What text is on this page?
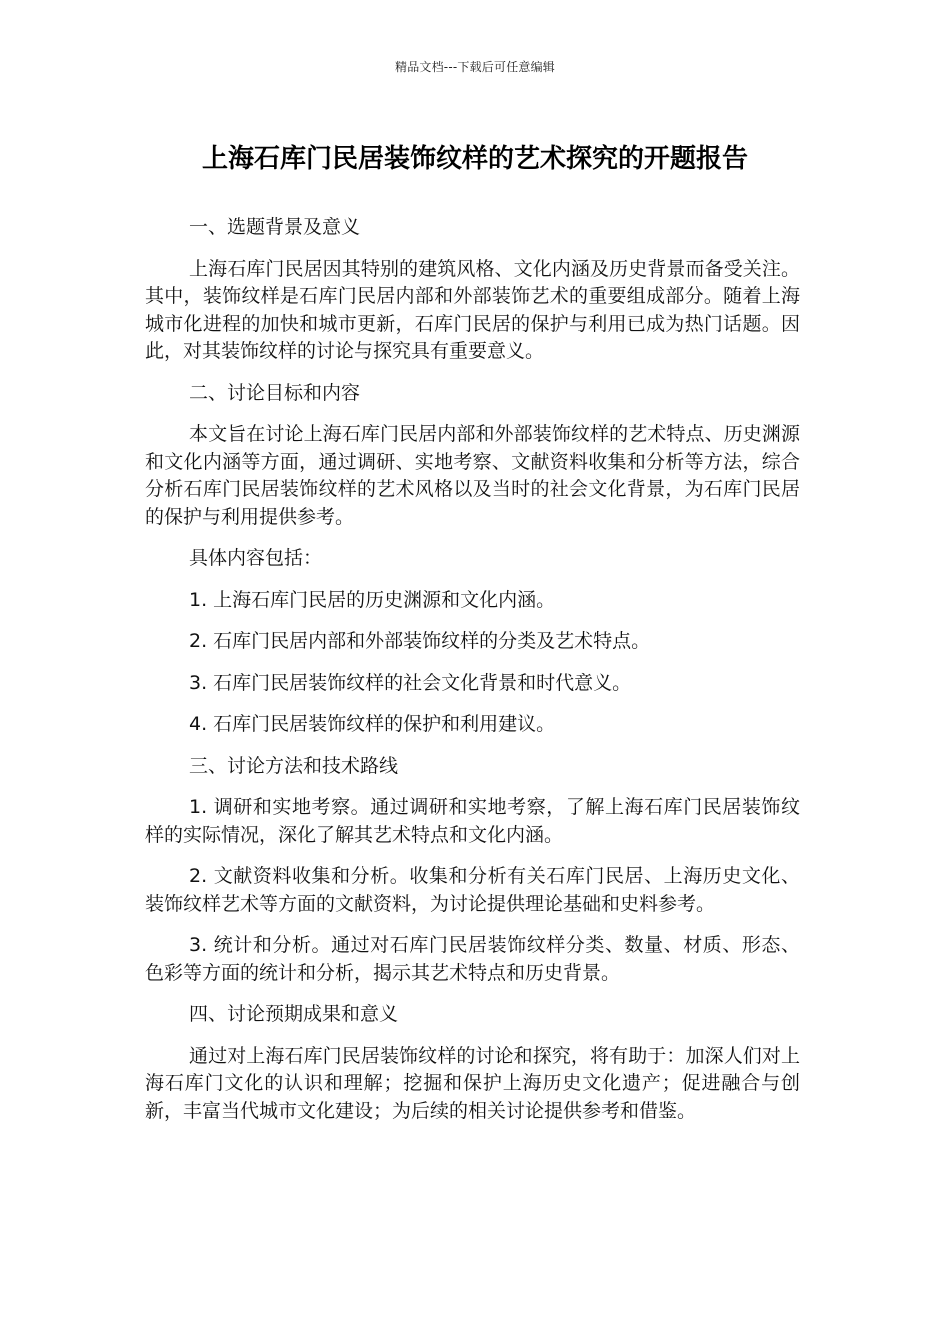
精品文档---下载后可任意编辑
上海石库门民居装饰纹样的艺术探究的开题报告

一、选题背景及意义

上海石库门民居因其特别的建筑风格、文化内涵及历史背景而备受关注。其中，装饰纹样是石库门民居内部和外部装饰艺术的重要组成部分。随着上海城市化进程的加快和城市更新，石库门民居的保护与利用已成为热门话题。因此，对其装饰纹样的讨论与探究具有重要意义。

二、讨论目标和内容

本文旨在讨论上海石库门民居内部和外部装饰纹样的艺术特点、历史渊源和文化内涵等方面，通过调研、实地考察、文献资料收集和分析等方法，综合分析石库门民居装饰纹样的艺术风格以及当时的社会文化背景，为石库门民居的保护与利用提供参考。

具体内容包括：

1. 上海石库门民居的历史渊源和文化内涵。

2. 石库门民居内部和外部装饰纹样的分类及艺术特点。

3. 石库门民居装饰纹样的社会文化背景和时代意义。

4. 石库门民居装饰纹样的保护和利用建议。

三、讨论方法和技术路线

1. 调研和实地考察。通过调研和实地考察，了解上海石库门民居装饰纹样的实际情况，深化了解其艺术特点和文化内涵。

2. 文献资料收集和分析。收集和分析有关石库门民居、上海历史文化、装饰纹样艺术等方面的文献资料，为讨论提供理论基础和史料参考。

3. 统计和分析。通过对石库门民居装饰纹样分类、数量、材质、形态、色彩等方面的统计和分析，揭示其艺术特点和历史背景。

四、讨论预期成果和意义

通过对上海石库门民居装饰纹样的讨论和探究，将有助于：加深人们对上海石库门文化的认识和理解；挖掘和保护上海历史文化遗产；促进融合与创新，丰富当代城市文化建设；为后续的相关讨论提供参考和借鉴。
